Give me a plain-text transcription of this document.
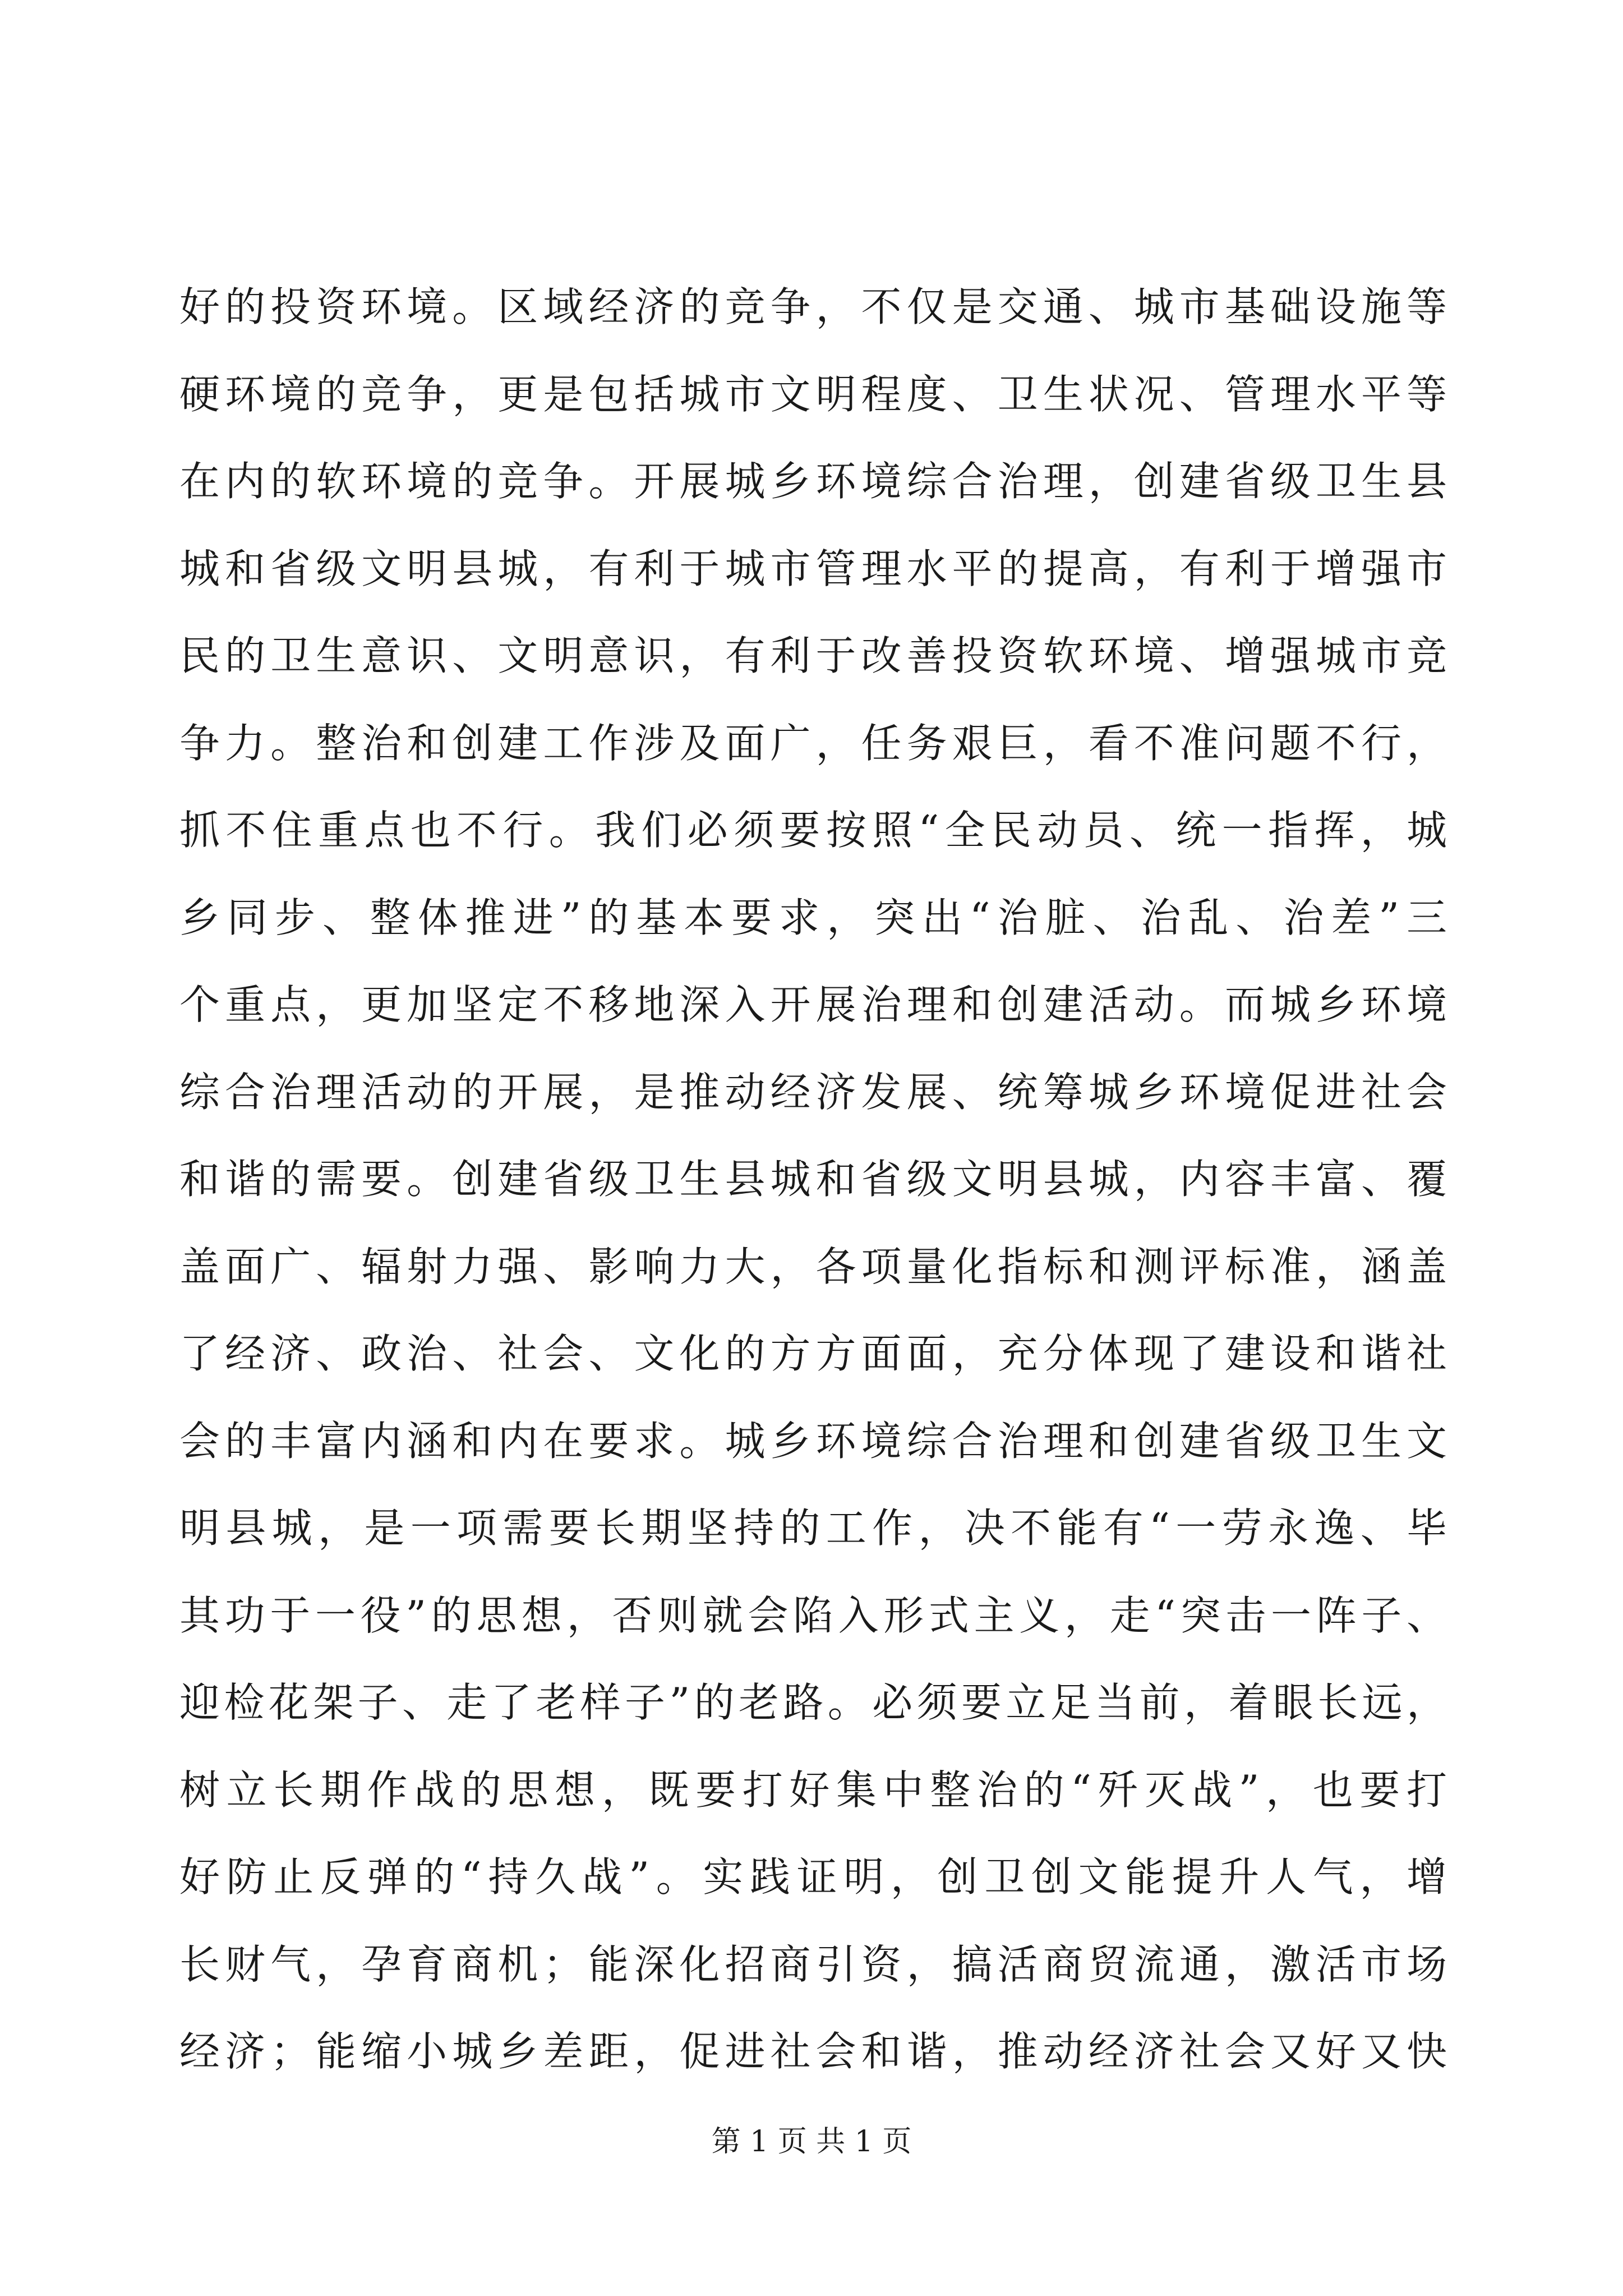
好的投资环境。区域经济的竞争，不仅是交通、城市基础设施等
硬环境的竞争，更是包括城市文明程度、卫生状况、管理水平等
在内的软环境的竞争。开展城乡环境综合治理，创建省级卫生县
城和省级文明县城，有利于城市管理水平的提高，有利于增强市
民的卫生意识、文明意识，有利于改善投资软环境、增强城市竞
争力。整治和创建工作涉及面广，任务艰巨，看不准问题不行，
抓不住重点也不行。我们必须要按照“全民动员、统一指挥，城
乡同步、整体推进”的基本要求，突出“治脏、治乱、治差”三
个重点，更加坚定不移地深入开展治理和创建活动。而城乡环境
综合治理活动的开展，是推动经济发展、统筹城乡环境促进社会
和谐的需要。创建省级卫生县城和省级文明县城，内容丰富、覆
盖面广、辐射力强、影响力大，各项量化指标和测评标准，涵盖
了经济、政治、社会、文化的方方面面，充分体现了建设和谐社
会的丰富内涵和内在要求。城乡环境综合治理和创建省级卫生文
明县城，是一项需要长期坚持的工作，决不能有“一劳永逸、毕
其功于一役”的思想，否则就会陷入形式主义，走“突击一阵子、
迎检花架子、走了老样子”的老路。必须要立足当前，着眼长远，
树立长期作战的思想，既要打好集中整治的“歼灭战”，也要打
好防止反弹的“持久战”。实践证明，创卫创文能提升人气，增
长财气，孕育商机；能深化招商引资，搞活商贸流通，激活市场
经济；能缩小城乡差距，促进社会和谐，推动经济社会又好又快
第 1 页 共 1 页
